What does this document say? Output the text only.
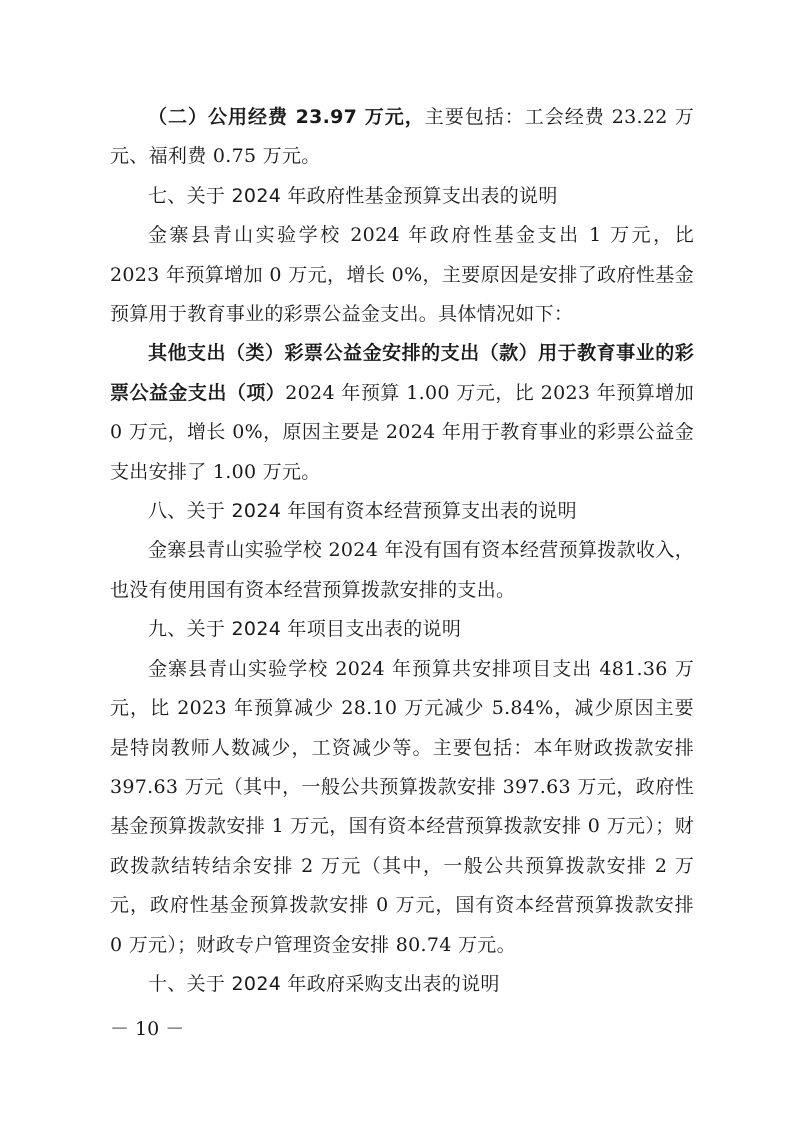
（二）公用经费 23.97 万元，主要包括：工会经费 23.22 万元、福利费 0.75 万元。

七、关于 2024 年政府性基金预算支出表的说明

金寨县青山实验学校 2024 年政府性基金支出 1 万元，比 2023 年预算增加 0 万元，增长 0%，主要原因是安排了政府性基金预算用于教育事业的彩票公益金支出。具体情况如下：

其他支出（类）彩票公益金安排的支出（款）用于教育事业的彩票公益金支出（项）2024 年预算 1.00 万元，比 2023 年预算增加 0 万元，增长 0%，原因主要是 2024 年用于教育事业的彩票公益金支出安排了 1.00 万元。

八、关于 2024 年国有资本经营预算支出表的说明

金寨县青山实验学校 2024 年没有国有资本经营预算拨款收入，也没有使用国有资本经营预算拨款安排的支出。

九、关于 2024 年项目支出表的说明

金寨县青山实验学校 2024 年预算共安排项目支出 481.36 万元，比 2023 年预算减少 28.10 万元减少 5.84%，减少原因主要是特岗教师人数减少，工资减少等。主要包括：本年财政拨款安排 397.63 万元（其中，一般公共预算拨款安排 397.63 万元，政府性基金预算拨款安排 1 万元，国有资本经营预算拨款安排 0 万元）；财政拨款结转结余安排 2 万元（其中，一般公共预算拨款安排 2 万元，政府性基金预算拨款安排 0 万元，国有资本经营预算拨款安排 0 万元）；财政专户管理资金安排 80.74 万元。

十、关于 2024 年政府采购支出表的说明

－ 10 －
